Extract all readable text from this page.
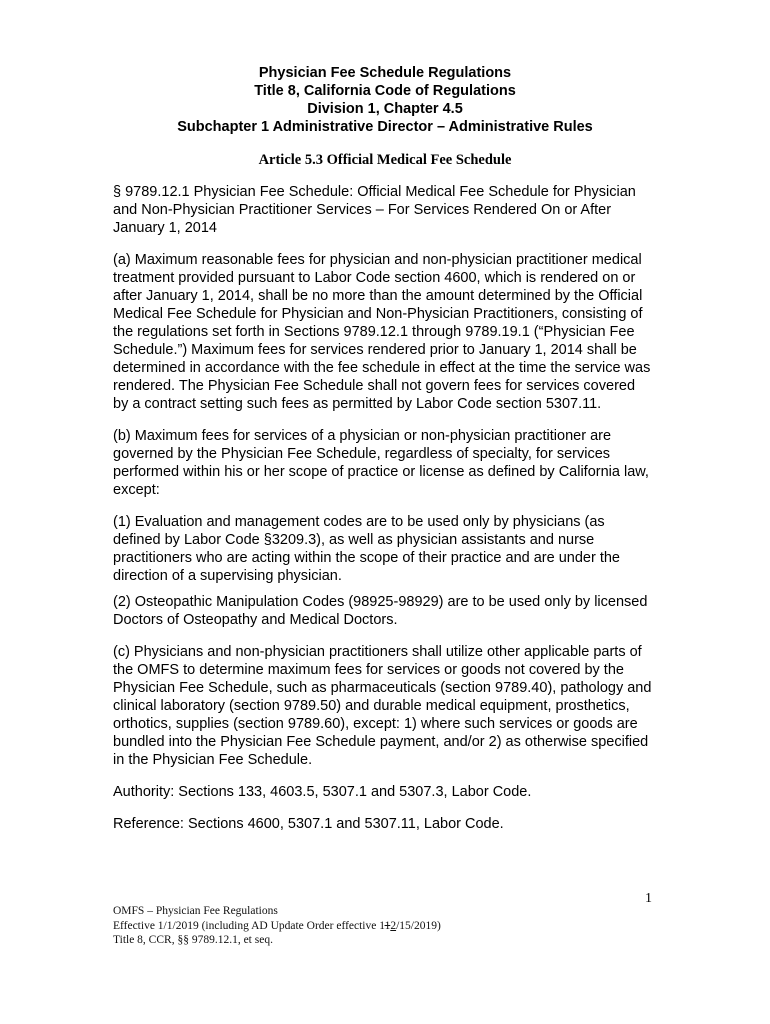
Physician Fee Schedule Regulations
Title 8, California Code of Regulations
Division 1, Chapter 4.5
Subchapter 1 Administrative Director – Administrative Rules
Article 5.3 Official Medical Fee Schedule

§ 9789.12.1 Physician Fee Schedule: Official Medical Fee Schedule for Physician and Non-Physician Practitioner Services – For Services Rendered On or After January 1, 2014

(a) Maximum reasonable fees for physician and non-physician practitioner medical treatment provided pursuant to Labor Code section 4600, which is rendered on or after January 1, 2014, shall be no more than the amount determined by the Official Medical Fee Schedule for Physician and Non-Physician Practitioners, consisting of the regulations set forth in Sections 9789.12.1 through 9789.19.1 (“Physician Fee Schedule.”) Maximum fees for services rendered prior to January 1, 2014 shall be determined in accordance with the fee schedule in effect at the time the service was rendered. The Physician Fee Schedule shall not govern fees for services covered by a contract setting such fees as permitted by Labor Code section 5307.11.

(b) Maximum fees for services of a physician or non-physician practitioner are governed by the Physician Fee Schedule, regardless of specialty, for services performed within his or her scope of practice or license as defined by California law, except:

(1) Evaluation and management codes are to be used only by physicians (as defined by Labor Code §3209.3), as well as physician assistants and nurse practitioners who are acting within the scope of their practice and are under the direction of a supervising physician.

(2) Osteopathic Manipulation Codes (98925-98929) are to be used only by licensed Doctors of Osteopathy and Medical Doctors.

(c) Physicians and non-physician practitioners shall utilize other applicable parts of the OMFS to determine maximum fees for services or goods not covered by the Physician Fee Schedule, such as pharmaceuticals (section 9789.40), pathology and clinical laboratory (section 9789.50) and durable medical equipment, prosthetics, orthotics, supplies (section 9789.60), except: 1) where such services or goods are bundled into the Physician Fee Schedule payment, and/or 2) as otherwise specified in the Physician Fee Schedule.

Authority: Sections 133, 4603.5, 5307.1 and 5307.3, Labor Code.

Reference: Sections 4600, 5307.1 and 5307.11, Labor Code.

1
OMFS – Physician Fee Regulations
Effective 1/1/2019 (including AD Update Order effective 112/15/2019)
Title 8, CCR, §§ 9789.12.1, et seq.
